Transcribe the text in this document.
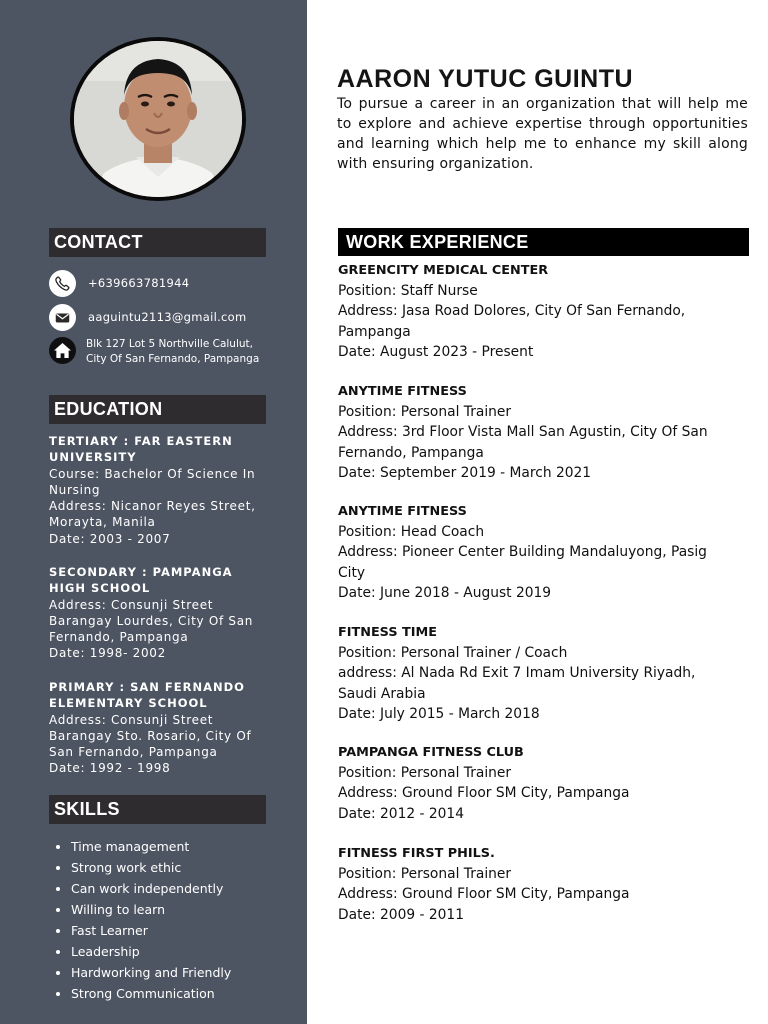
CONTACT
+639663781944
aaguintu2113@gmail.com
Blk 127 Lot 5 Northville Calulut, City Of San Fernando, Pampanga
EDUCATION
TERTIARY : FAR EASTERN UNIVERSITY
Course: Bachelor Of Science In Nursing
Address: Nicanor Reyes Street, Morayta, Manila
Date: 2003 - 2007
SECONDARY : PAMPANGA HIGH SCHOOL
Address: Consunji Street Barangay Lourdes, City Of San Fernando, Pampanga
Date: 1998- 2002
PRIMARY : SAN FERNANDO ELEMENTARY SCHOOL
Address: Consunji Street Barangay Sto. Rosario, City Of San Fernando, Pampanga
Date: 1992 - 1998
SKILLS
• Time management
• Strong work ethic
• Can work independently
• Willing to learn
• Fast Learner
• Leadership
• Hardworking and Friendly
• Strong Communication
AARON YUTUC GUINTU

To pursue a career in an organization that will help me to explore and achieve expertise through opportunities and learning which help me to enhance my skill along with ensuring organization.

WORK EXPERIENCE
GREENCITY MEDICAL CENTER
Position: Staff Nurse
Address: Jasa Road Dolores, City Of San Fernando, Pampanga
Date: August 2023 - Present
ANYTIME FITNESS
Position: Personal Trainer
Address: 3rd Floor Vista Mall San Agustin, City Of San Fernando, Pampanga
Date: September 2019 - March 2021
ANYTIME FITNESS
Position: Head Coach
Address: Pioneer Center Building Mandaluyong, Pasig City
Date: June 2018 - August 2019
FITNESS TIME
Position: Personal Trainer / Coach
address: Al Nada Rd Exit 7 Imam University Riyadh, Saudi Arabia
Date: July 2015 - March 2018
PAMPANGA FITNESS CLUB
Position: Personal Trainer
Address: Ground Floor SM City, Pampanga
Date: 2012 - 2014
FITNESS FIRST PHILS.
Position: Personal Trainer
Address: Ground Floor SM City, Pampanga
Date: 2009 - 2011
